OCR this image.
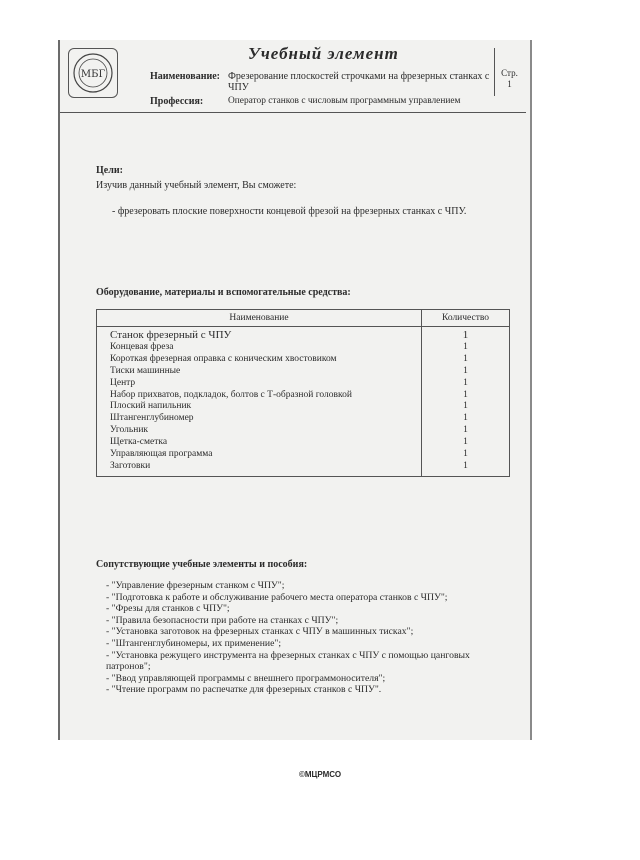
МБГ
Учебный элемент
Наименование: Фрезерование плоскостей строчками на фрезерных станках с ЧПУ
Профессия:	Оператор станков с числовым программным управлением
Стр.
1
Цели:
Изучив данный учебный элемент, Вы сможете:
- фрезеровать плоские поверхности концевой фрезой на фрезерных станках с ЧПУ.
Оборудование, материалы и вспомогательные средства:
Наименование	Количество
Станок фрезерный с ЧПУ	1
Концевая фреза	1
Короткая фрезерная оправка с коническим хвостовиком	1
Тиски машинные	1
Центр	1
Набор прихватов, подкладок, болтов с Т-образной головкой	1
Плоский напильник	1
Штангенглубиномер	1
Угольник	1
Щетка-сметка	1
Управляющая программа	1
Заготовки	1
Сопутствующие учебные элементы и пособия:
- "Управление фрезерным станком с ЧПУ";
- "Подготовка к работе и обслуживание рабочего места оператора станков с ЧПУ";
- "Фрезы для станков с ЧПУ";
- "Правила безопасности при работе на станках с ЧПУ";
- "Установка заготовок на фрезерных станках с ЧПУ в машинных тисках";
- "Штангенглубиномеры, их применение";
- "Установка режущего инструмента на фрезерных станках с ЧПУ с помощью цанговых патронов";
- "Ввод управляющей программы с внешнего программоносителя";
- "Чтение программ по распечатке для фрезерных станков с ЧПУ".
©МЦРМСО
